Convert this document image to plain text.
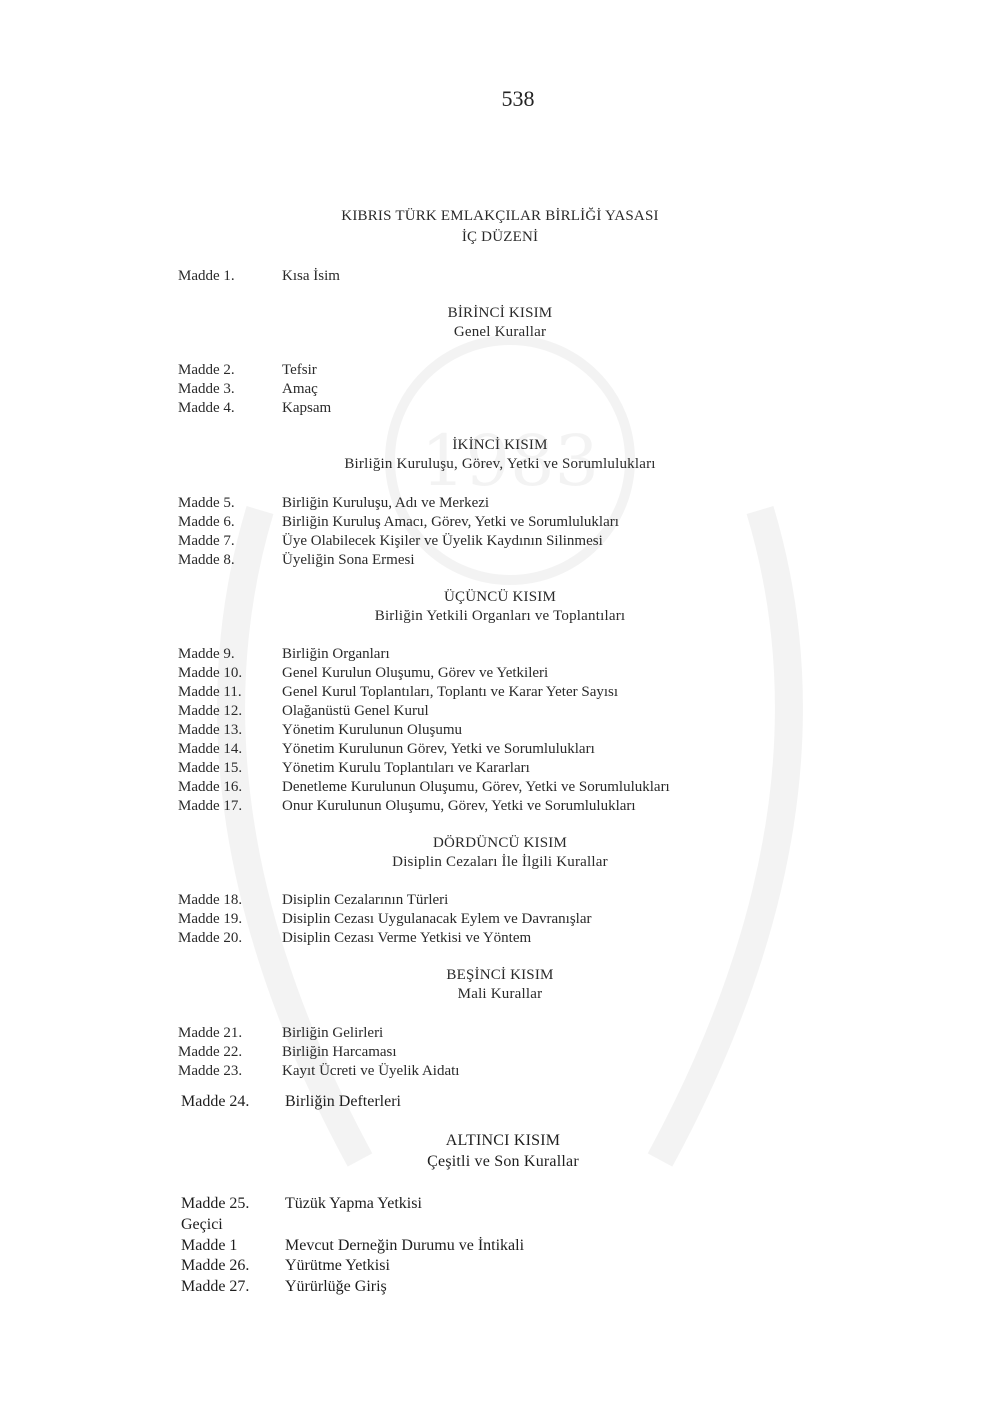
538
KIBRIS TÜRK EMLAKÇILAR BİRLİĞİ YASASI
İÇ DÜZENİ
Madde 1.	Kısa İsim
BİRİNCİ KISIM
Genel Kurallar
Madde 2.	Tefsir
Madde 3.	Amaç
Madde 4.	Kapsam
İKİNCİ KISIM
Birliğin Kuruluşu, Görev, Yetki ve Sorumlulukları
Madde 5.	Birliğin Kuruluşu, Adı ve Merkezi
Madde 6.	Birliğin Kuruluş Amacı, Görev, Yetki ve Sorumlulukları
Madde 7.	Üye Olabilecek Kişiler ve Üyelik Kaydının Silinmesi
Madde 8.	Üyeliğin Sona Ermesi
ÜÇÜNCÜ KISIM
Birliğin Yetkili Organları ve Toplantıları
Madde 9.	Birliğin Organları
Madde 10.	Genel Kurulun Oluşumu, Görev ve Yetkileri
Madde 11.	Genel Kurul Toplantıları, Toplantı ve Karar Yeter Sayısı
Madde 12.	Olağanüstü Genel Kurul
Madde 13.	Yönetim Kurulunun Oluşumu
Madde 14.	Yönetim Kurulunun Görev, Yetki ve Sorumlulukları
Madde 15.	Yönetim Kurulu Toplantıları ve Kararları
Madde 16.	Denetleme Kurulunun Oluşumu, Görev, Yetki ve Sorumlulukları
Madde 17.	Onur Kurulunun Oluşumu, Görev, Yetki ve Sorumlulukları
DÖRDÜNCÜ KISIM
Disiplin Cezaları İle İlgili Kurallar
Madde 18.	Disiplin Cezalarının Türleri
Madde 19.	Disiplin Cezası Uygulanacak Eylem ve Davranışlar
Madde 20.	Disiplin Cezası Verme Yetkisi ve Yöntem
BEŞİNCİ KISIM
Mali Kurallar
Madde 21.	Birliğin Gelirleri
Madde 22.	Birliğin Harcaması
Madde 23.	Kayıt Ücreti ve Üyelik Aidatı
Madde 24. Birliğin Defterleri
ALTINCI KISIM
Çeşitli ve Son Kurallar
Madde 25. Tüzük Yapma Yetkisi
Geçici
Madde 1	Mevcut Derneğin Durumu ve İntikali
Madde 26. Yürütme Yetkisi
Madde 27. Yürürlüğe Giriş
